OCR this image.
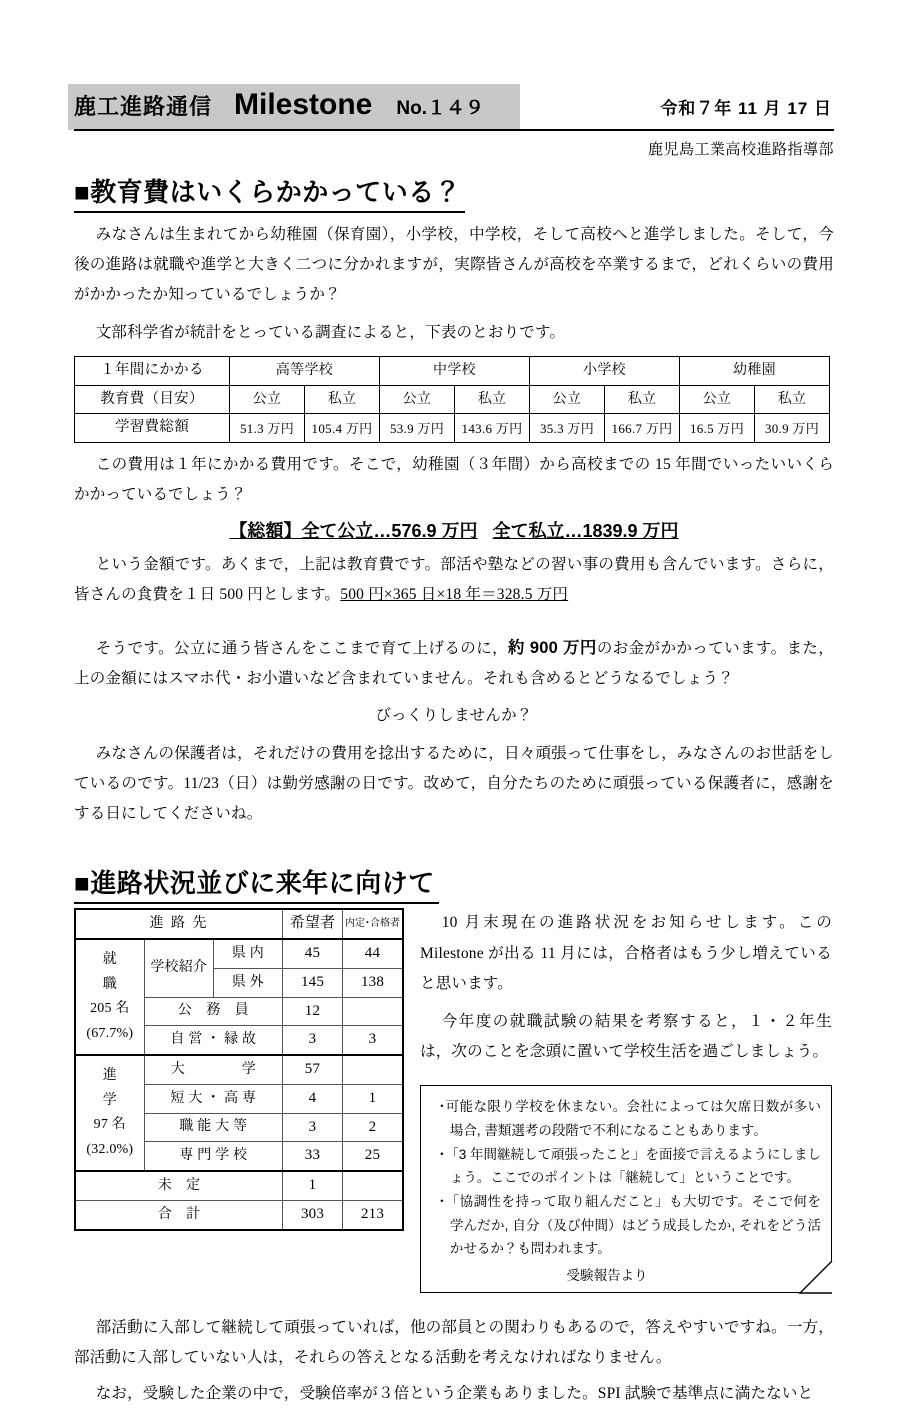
鹿工進路通信 Milestone No.１４９	令和７年 11 月 17 日
鹿児島工業高校進路指導部
■教育費はいくらかかっている？

みなさんは生まれてから幼稚園（保育園），小学校，中学校，そして高校へと進学しました。そして，今後の進路は就職や進学と大きく二つに分かれますが，実際皆さんが高校を卒業するまで，どれくらいの費用がかかったか知っているでしょうか？

文部科学省が統計をとっている調査によると，下表のとおりです。

１年間にかかる	高等学校		中学校		小学校		幼稚園	
教育費（目安）	公立	私立	公立	私立	公立	私立	公立	私立
学習費総額	51.3 万円	105.4 万円	53.9 万円	143.6 万円	35.3 万円	166.7 万円	16.5 万円	30.9 万円

この費用は１年にかかる費用です。そこで，幼稚園（３年間）から高校までの 15 年間でいったいいくらかかっているでしょう？

【総額】全て公立…576.9 万円 全て私立…1839.9 万円

という金額です。あくまで，上記は教育費です。部活や塾などの習い事の費用も含んでいます。さらに，皆さんの食費を１日 500 円とします。500 円×365 日×18 年＝328.5 万円

そうです。公立に通う皆さんをここまで育て上げるのに，約 900 万円のお金がかかっています。また，上の金額にはスマホ代・お小遣いなど含まれていません。それも含めるとどうなるでしょう？

びっくりしませんか？

みなさんの保護者は，それだけの費用を捻出するために，日々頑張って仕事をし，みなさんのお世話をしているのです。11/23（日）は勤労感謝の日です。改めて，自分たちのために頑張っている保護者に，感謝をする日にしてくださいね。

■進路状況並びに来年に向けて
進 路 先			希望者	内定･合格者

就
職
205 名
(67.7%)	学校紹介	県 内	45	44
		県 外	145	138
	公　務　員		12	
	自 営 ・ 縁 故		3	3

進
学
97 名
(32.0%)	大　　　　学		57	
	短 大 ・ 高 専		4	1
	職 能 大 等		3	2
	専 門 学 校		33	25
未　定			1	
合　計			303	213

10 月末現在の進路状況をお知らせします。この Milestone が出る 11 月には，合格者はもう少し増えていると思います。

今年度の就職試験の結果を考察すると，１・２年生は，次のことを念頭に置いて学校生活を過ごしましょう。

･可能な限り学校を休まない。会社によっては欠席日数が多い場合, 書類選考の段階で不利になることもあります。
･「3 年間継続して頑張ったこと」を面接で言えるようにしましょう。ここでのポイントは「継続して」ということです。
･「協調性を持って取り組んだこと」も大切です。そこで何を学んだか, 自分（及び仲間）はどう成長したか, それをどう活かせるか？も問われます。
受験報告より

部活動に入部して継続して頑張っていれば，他の部員との関わりもあるので，答えやすいですね。一方，部活動に入部していない人は，それらの答えとなる活動を考えなければなりません。

なお，受験した企業の中で，受験倍率が３倍という企業もありました。SPI 試験で基準点に満たないと
